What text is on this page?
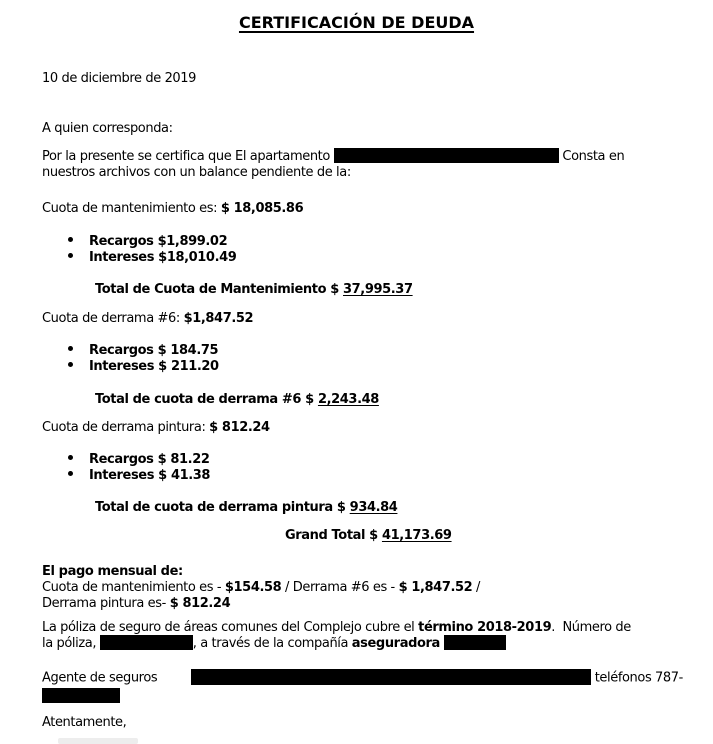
CERTIFICACIÓN DE DEUDA
10 de diciembre de 2019
A quien corresponda:
Por la presente se certifica que El apartamento	Consta en
nuestros archivos con un balance pendiente de la:
Cuota de mantenimiento es: $ 18,085.86
Recargos $1,899.02
Intereses $18,010.49
Total de Cuota de Mantenimiento $ 37,995.37
Cuota de derrama #6: $1,847.52
Recargos $ 184.75
Intereses $ 211.20
Total de cuota de derrama #6 $ 2,243.48
Cuota de derrama pintura: $ 812.24
Recargos $ 81.22
Intereses $ 41.38
Total de cuota de derrama pintura $ 934.84
Grand Total $ 41,173.69
El pago mensual de:
Cuota de mantenimiento es - $154.58 / Derrama #6 es - $ 1,847.52 /
Derrama pintura es- $ 812.24
La póliza de seguro de áreas comunes del Complejo cubre el término 2018-2019.  Número de
la póliza,	, a través de la compañía aseguradora
Agente de seguros	teléfonos 787-
Atentamente,
